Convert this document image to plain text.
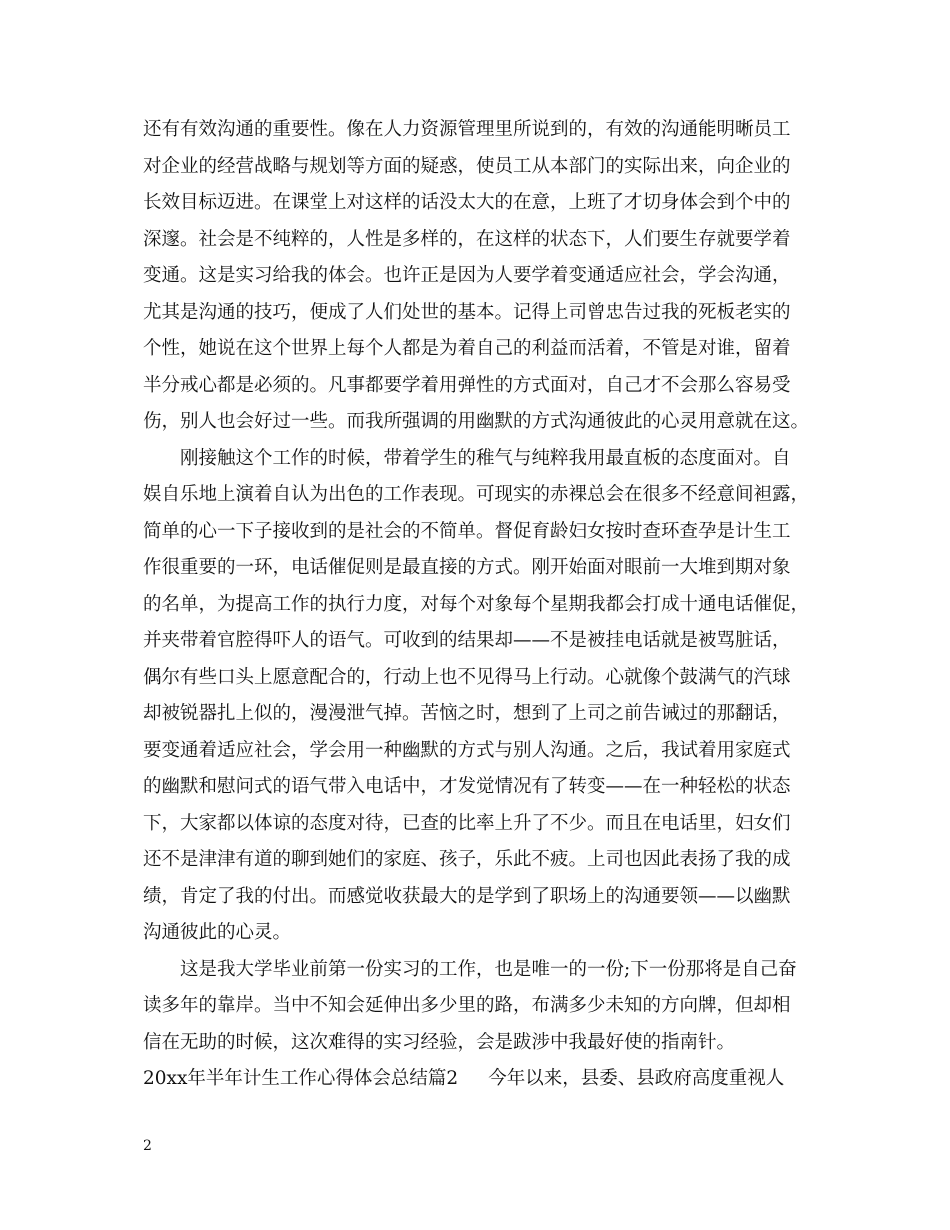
还有有效沟通的重要性。像在人力资源管理里所说到的，有效的沟通能明晰员工
对企业的经营战略与规划等方面的疑惑，使员工从本部门的实际出来，向企业的
长效目标迈进。在课堂上对这样的话没太大的在意，上班了才切身体会到个中的
深邃。社会是不纯粹的，人性是多样的，在这样的状态下，人们要生存就要学着
变通。这是实习给我的体会。也许正是因为人要学着变通适应社会，学会沟通，
尤其是沟通的技巧，便成了人们处世的基本。记得上司曾忠告过我的死板老实的
个性，她说在这个世界上每个人都是为着自己的利益而活着，不管是对谁，留着
半分戒心都是必须的。凡事都要学着用弹性的方式面对，自己才不会那么容易受
伤，别人也会好过一些。而我所强调的用幽默的方式沟通彼此的心灵用意就在这。
　　刚接触这个工作的时候，带着学生的稚气与纯粹我用最直板的态度面对。自
娱自乐地上演着自认为出色的工作表现。可现实的赤裸总会在很多不经意间袒露，
简单的心一下子接收到的是社会的不简单。督促育龄妇女按时查环查孕是计生工
作很重要的一环，电话催促则是最直接的方式。刚开始面对眼前一大堆到期对象
的名单，为提高工作的执行力度，对每个对象每个星期我都会打成十通电话催促，
并夹带着官腔得吓人的语气。可收到的结果却——不是被挂电话就是被骂脏话，
偶尔有些口头上愿意配合的，行动上也不见得马上行动。心就像个鼓满气的汽球
却被锐器扎上似的，漫漫泄气掉。苦恼之时，想到了上司之前告诫过的那翻话，
要变通着适应社会，学会用一种幽默的方式与别人沟通。之后，我试着用家庭式
的幽默和慰问式的语气带入电话中，才发觉情况有了转变——在一种轻松的状态
下，大家都以体谅的态度对待，已查的比率上升了不少。而且在电话里，妇女们
还不是津津有道的聊到她们的家庭、孩子，乐此不疲。上司也因此表扬了我的成
绩，肯定了我的付出。而感觉收获最大的是学到了职场上的沟通要领——以幽默
沟通彼此的心灵。
　　这是我大学毕业前第一份实习的工作，也是唯一的一份;下一份那将是自己奋
读多年的靠岸。当中不知会延伸出多少里的路，布满多少未知的方向牌，但却相
信在无助的时候，这次难得的实习经验，会是跋涉中我最好使的指南针。
20xx年半年计生工作心得体会总结篇2 今年以来，县委、县政府高度重视人
2
